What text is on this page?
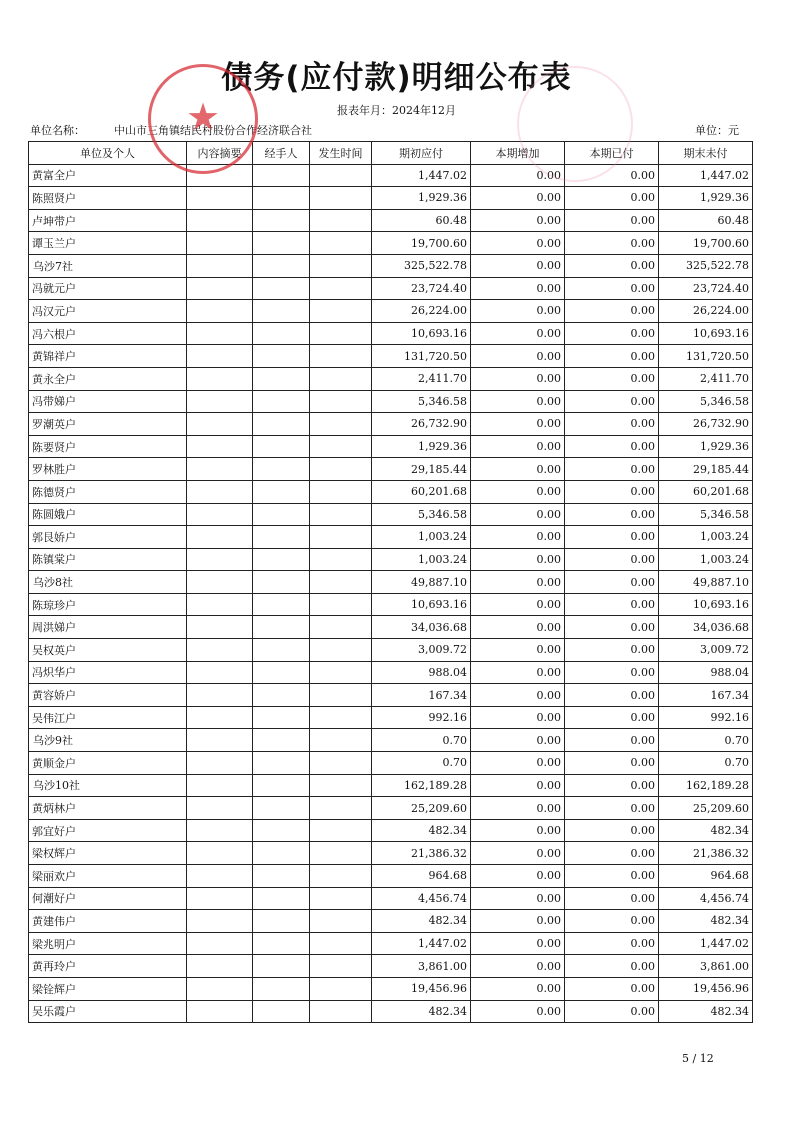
债务(应付款)明细公布表
报表年月：2024年12月
单位名称：	中山市三角镇结民村股份合作经济联合社	单位：元
单位及个人	内容摘要	经手人	发生时间	期初应付	本期增加	本期已付	期末未付
黄富全户				1,447.02	0.00	0.00	1,447.02
陈照贤户				1,929.36	0.00	0.00	1,929.36
卢坤带户				60.48	0.00	0.00	60.48
谭玉兰户				19,700.60	0.00	0.00	19,700.60
乌沙7社				325,522.78	0.00	0.00	325,522.78
冯就元户				23,724.40	0.00	0.00	23,724.40
冯汉元户				26,224.00	0.00	0.00	26,224.00
冯六根户				10,693.16	0.00	0.00	10,693.16
黄锦祥户				131,720.50	0.00	0.00	131,720.50
黄永全户				2,411.70	0.00	0.00	2,411.70
冯带娣户				5,346.58	0.00	0.00	5,346.58
罗潮英户				26,732.90	0.00	0.00	26,732.90
陈要贤户				1,929.36	0.00	0.00	1,929.36
罗林胜户				29,185.44	0.00	0.00	29,185.44
陈德贤户				60,201.68	0.00	0.00	60,201.68
陈圆娥户				5,346.58	0.00	0.00	5,346.58
郭艮娇户				1,003.24	0.00	0.00	1,003.24
陈镇棠户				1,003.24	0.00	0.00	1,003.24
乌沙8社				49,887.10	0.00	0.00	49,887.10
陈琼珍户				10,693.16	0.00	0.00	10,693.16
周洪娣户				34,036.68	0.00	0.00	34,036.68
吴权英户				3,009.72	0.00	0.00	3,009.72
冯炽华户				988.04	0.00	0.00	988.04
黄容娇户				167.34	0.00	0.00	167.34
吴伟江户				992.16	0.00	0.00	992.16
乌沙9社				0.70	0.00	0.00	0.70
黄顺金户				0.70	0.00	0.00	0.70
乌沙10社				162,189.28	0.00	0.00	162,189.28
黄炳林户				25,209.60	0.00	0.00	25,209.60
郭宜好户				482.34	0.00	0.00	482.34
梁权辉户				21,386.32	0.00	0.00	21,386.32
梁丽欢户				964.68	0.00	0.00	964.68
何潮好户				4,456.74	0.00	0.00	4,456.74
黄建伟户				482.34	0.00	0.00	482.34
梁兆明户				1,447.02	0.00	0.00	1,447.02
黄再玲户				3,861.00	0.00	0.00	3,861.00
梁铨辉户				19,456.96	0.00	0.00	19,456.96
吴乐霞户				482.34	0.00	0.00	482.34
5 / 12
★
